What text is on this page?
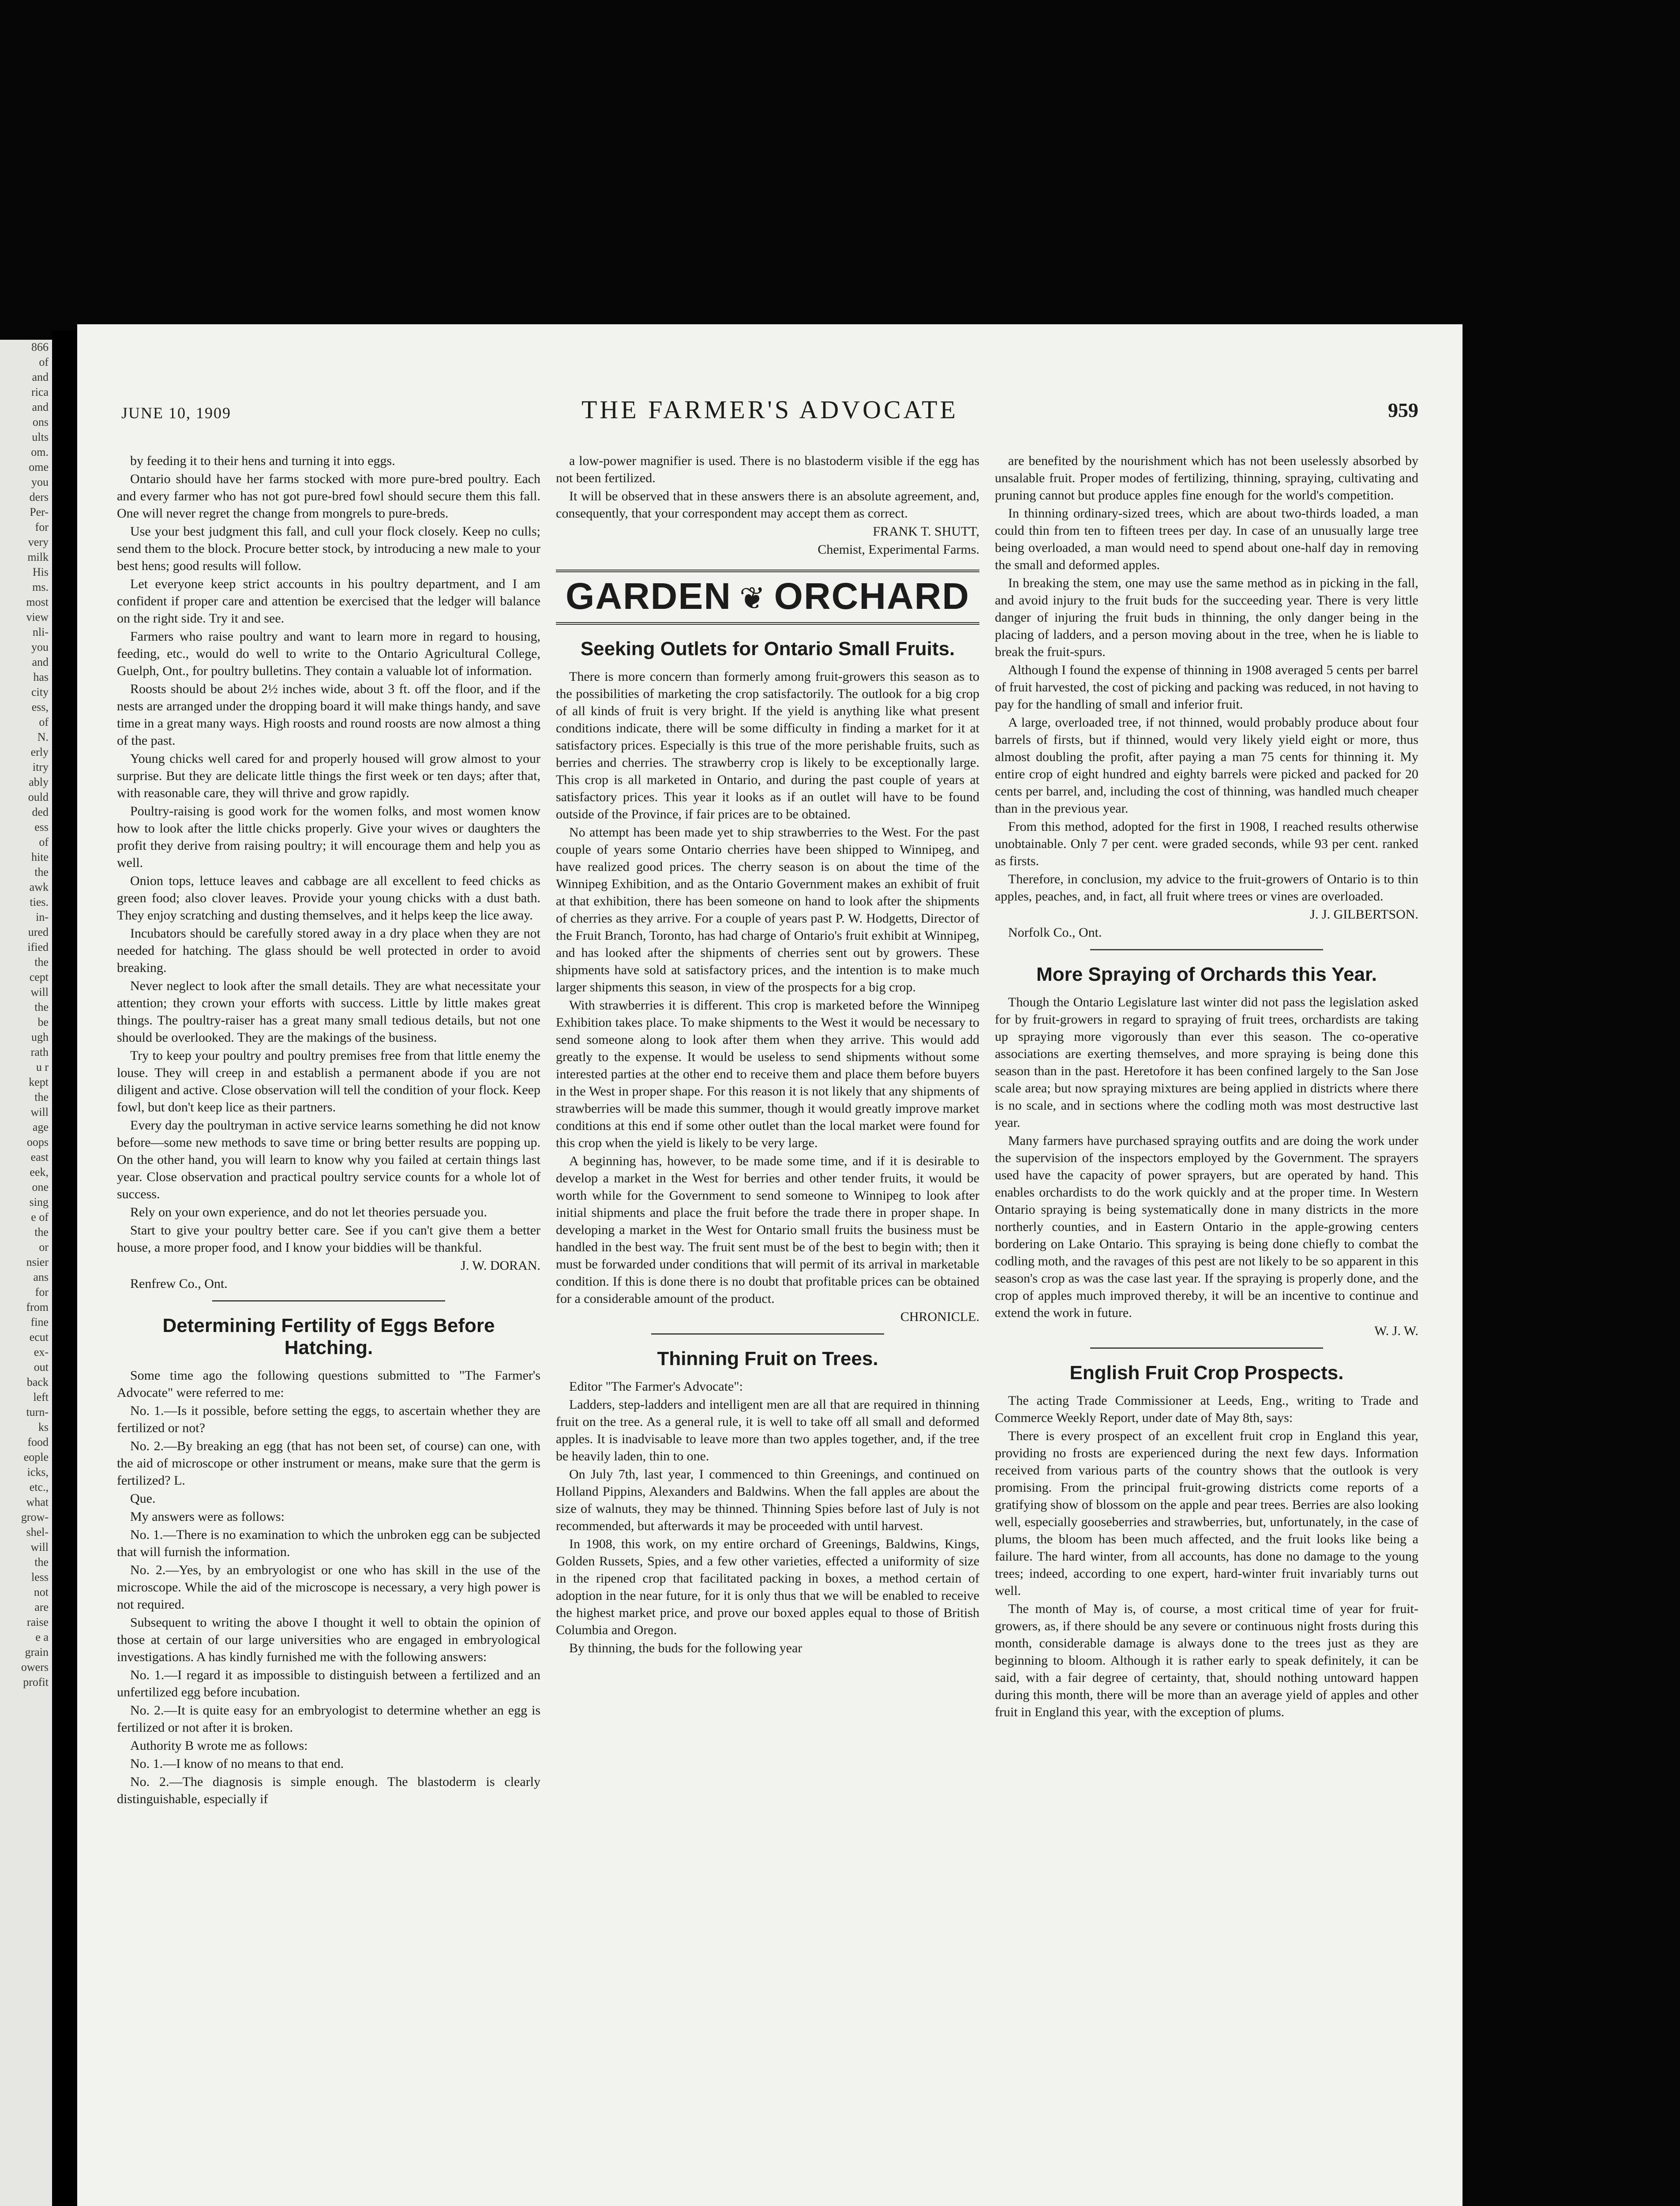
866

of

and

rica

and

ons

ults

om.

ome

you

ders

Per-

for

very

milk

His

ms.

most

view

nli-

you

and

has

city

ess,

of

N.

erly

itry

ably

ould

ded

ess

of

hite

the

awk

ties.

in-

ured

ified

the

cept

will

the

be

ugh

rath

u r

kept

the

will

age

oops

east

eek,

one

sing

e of

the

or

nsier

ans

for

from

fine

ecut

ex-

out

back

left

turn-

ks

food

eople

icks,

etc.,

what

grow-

shel-

will

the

less

not

are

raise

e a

grain

owers

profit

THE FARMER'S ADVOCATE
JUNE 10, 1909	959

by feeding it to their hens and turning it into eggs.

Ontario should have her farms stocked with more pure-bred poultry. Each and every farmer who has not got pure-bred fowl should secure them this fall. One will never regret the change from mongrels to pure-breds.

Use your best judgment this fall, and cull your flock closely. Keep no culls; send them to the block. Procure better stock, by introducing a new male to your best hens; good results will follow.

Let everyone keep strict accounts in his poultry department, and I am confident if proper care and attention be exercised that the ledger will balance on the right side. Try it and see.

Farmers who raise poultry and want to learn more in regard to housing, feeding, etc., would do well to write to the Ontario Agricultural College, Guelph, Ont., for poultry bulletins. They contain a valuable lot of information.

Roosts should be about 2½ inches wide, about 3 ft. off the floor, and if the nests are arranged under the dropping board it will make things handy, and save time in a great many ways. High roosts and round roosts are now almost a thing of the past.

Young chicks well cared for and properly housed will grow almost to your surprise. But they are delicate little things the first week or ten days; after that, with reasonable care, they will thrive and grow rapidly.

Poultry-raising is good work for the women folks, and most women know how to look after the little chicks properly. Give your wives or daughters the profit they derive from raising poultry; it will encourage them and help you as well.

Onion tops, lettuce leaves and cabbage are all excellent to feed chicks as green food; also clover leaves. Provide your young chicks with a dust bath. They enjoy scratching and dusting themselves, and it helps keep the lice away.

Incubators should be carefully stored away in a dry place when they are not needed for hatching. The glass should be well protected in order to avoid breaking.

Never neglect to look after the small details. They are what necessitate your attention; they crown your efforts with success. Little by little makes great things. The poultry-raiser has a great many small tedious details, but not one should be overlooked. They are the makings of the business.

Try to keep your poultry and poultry premises free from that little enemy the louse. They will creep in and establish a permanent abode if you are not diligent and active. Close observation will tell the condition of your flock. Keep fowl, but don't keep lice as their partners.

Every day the poultryman in active service learns something he did not know before—some new methods to save time or bring better results are popping up. On the other hand, you will learn to know why you failed at certain things last year. Close observation and practical poultry service counts for a whole lot of success.

Rely on your own experience, and do not let theories persuade you.

Start to give your poultry better care. See if you can't give them a better house, a more proper food, and I know your biddies will be thankful.

J. W. DORAN.

Renfrew Co., Ont.

Determining Fertility of Eggs Before Hatching.

Some time ago the following questions submitted to "The Farmer's Advocate" were referred to me:

No. 1.—Is it possible, before setting the eggs, to ascertain whether they are fertilized or not?

No. 2.—By breaking an egg (that has not been set, of course) can one, with the aid of microscope or other instrument or means, make sure that the germ is fertilized? L.

Que.

My answers were as follows:

No. 1.—There is no examination to which the unbroken egg can be subjected that will furnish the information.

No. 2.—Yes, by an embryologist or one who has skill in the use of the microscope. While the aid of the microscope is necessary, a very high power is not required.

Subsequent to writing the above I thought it well to obtain the opinion of those at certain of our large universities who are engaged in embryological investigations. A has kindly furnished me with the following answers:

No. 1.—I regard it as impossible to distinguish between a fertilized and an unfertilized egg before incubation.

No. 2.—It is quite easy for an embryologist to determine whether an egg is fertilized or not after it is broken.

Authority B wrote me as follows:

No. 1.—I know of no means to that end.

No. 2.—The diagnosis is simple enough. The blastoderm is clearly distinguishable, especially if

a low-power magnifier is used. There is no blastoderm visible if the egg has not been fertilized.

It will be observed that in these answers there is an absolute agreement, and, consequently, that your correspondent may accept them as correct.

FRANK T. SHUTT,

Chemist, Experimental Farms.

GARDEN ❦ ORCHARD
Seeking Outlets for Ontario Small Fruits.

There is more concern than formerly among fruit-growers this season as to the possibilities of marketing the crop satisfactorily. The outlook for a big crop of all kinds of fruit is very bright. If the yield is anything like what present conditions indicate, there will be some difficulty in finding a market for it at satisfactory prices. Especially is this true of the more perishable fruits, such as berries and cherries. The strawberry crop is likely to be exceptionally large. This crop is all marketed in Ontario, and during the past couple of years at satisfactory prices. This year it looks as if an outlet will have to be found outside of the Province, if fair prices are to be obtained.

No attempt has been made yet to ship strawberries to the West. For the past couple of years some Ontario cherries have been shipped to Winnipeg, and have realized good prices. The cherry season is on about the time of the Winnipeg Exhibition, and as the Ontario Government makes an exhibit of fruit at that exhibition, there has been someone on hand to look after the shipments of cherries as they arrive. For a couple of years past P. W. Hodgetts, Director of the Fruit Branch, Toronto, has had charge of Ontario's fruit exhibit at Winnipeg, and has looked after the shipments of cherries sent out by growers. These shipments have sold at satisfactory prices, and the intention is to make much larger shipments this season, in view of the prospects for a big crop.

With strawberries it is different. This crop is marketed before the Winnipeg Exhibition takes place. To make shipments to the West it would be necessary to send someone along to look after them when they arrive. This would add greatly to the expense. It would be useless to send shipments without some interested parties at the other end to receive them and place them before buyers in the West in proper shape. For this reason it is not likely that any shipments of strawberries will be made this summer, though it would greatly improve market conditions at this end if some other outlet than the local market were found for this crop when the yield is likely to be very large.

A beginning has, however, to be made some time, and if it is desirable to develop a market in the West for berries and other tender fruits, it would be worth while for the Government to send someone to Winnipeg to look after initial shipments and place the fruit before the trade there in proper shape. In developing a market in the West for Ontario small fruits the business must be handled in the best way. The fruit sent must be of the best to begin with; then it must be forwarded under conditions that will permit of its arrival in marketable condition. If this is done there is no doubt that profitable prices can be obtained for a considerable amount of the product.

CHRONICLE.

Thinning Fruit on Trees.

Editor "The Farmer's Advocate":

Ladders, step-ladders and intelligent men are all that are required in thinning fruit on the tree. As a general rule, it is well to take off all small and deformed apples. It is inadvisable to leave more than two apples together, and, if the tree be heavily laden, thin to one.

On July 7th, last year, I commenced to thin Greenings, and continued on Holland Pippins, Alexanders and Baldwins. When the fall apples are about the size of walnuts, they may be thinned. Thinning Spies before last of July is not recommended, but afterwards it may be proceeded with until harvest.

In 1908, this work, on my entire orchard of Greenings, Baldwins, Kings, Golden Russets, Spies, and a few other varieties, effected a uniformity of size in the ripened crop that facilitated packing in boxes, a method certain of adoption in the near future, for it is only thus that we will be enabled to receive the highest market price, and prove our boxed apples equal to those of British Columbia and Oregon.

By thinning, the buds for the following year

are benefited by the nourishment which has not been uselessly absorbed by unsalable fruit. Proper modes of fertilizing, thinning, spraying, cultivating and pruning cannot but produce apples fine enough for the world's competition.

In thinning ordinary-sized trees, which are about two-thirds loaded, a man could thin from ten to fifteen trees per day. In case of an unusually large tree being overloaded, a man would need to spend about one-half day in removing the small and deformed apples.

In breaking the stem, one may use the same method as in picking in the fall, and avoid injury to the fruit buds for the succeeding year. There is very little danger of injuring the fruit buds in thinning, the only danger being in the placing of ladders, and a person moving about in the tree, when he is liable to break the fruit-spurs.

Although I found the expense of thinning in 1908 averaged 5 cents per barrel of fruit harvested, the cost of picking and packing was reduced, in not having to pay for the handling of small and inferior fruit.

A large, overloaded tree, if not thinned, would probably produce about four barrels of firsts, but if thinned, would very likely yield eight or more, thus almost doubling the profit, after paying a man 75 cents for thinning it. My entire crop of eight hundred and eighty barrels were picked and packed for 20 cents per barrel, and, including the cost of thinning, was handled much cheaper than in the previous year.

From this method, adopted for the first in 1908, I reached results otherwise unobtainable. Only 7 per cent. were graded seconds, while 93 per cent. ranked as firsts.

Therefore, in conclusion, my advice to the fruit-growers of Ontario is to thin apples, peaches, and, in fact, all fruit where trees or vines are overloaded.

J. J. GILBERTSON.

Norfolk Co., Ont.

More Spraying of Orchards this Year.

Though the Ontario Legislature last winter did not pass the legislation asked for by fruit-growers in regard to spraying of fruit trees, orchardists are taking up spraying more vigorously than ever this season. The co-operative associations are exerting themselves, and more spraying is being done this season than in the past. Heretofore it has been confined largely to the San Jose scale area; but now spraying mixtures are being applied in districts where there is no scale, and in sections where the codling moth was most destructive last year.

Many farmers have purchased spraying outfits and are doing the work under the supervision of the inspectors employed by the Government. The sprayers used have the capacity of power sprayers, but are operated by hand. This enables orchardists to do the work quickly and at the proper time. In Western Ontario spraying is being systematically done in many districts in the more northerly counties, and in Eastern Ontario in the apple-growing centers bordering on Lake Ontario. This spraying is being done chiefly to combat the codling moth, and the ravages of this pest are not likely to be so apparent in this season's crop as was the case last year. If the spraying is properly done, and the crop of apples much improved thereby, it will be an incentive to continue and extend the work in future.

W. J. W.

English Fruit Crop Prospects.

The acting Trade Commissioner at Leeds, Eng., writing to Trade and Commerce Weekly Report, under date of May 8th, says:

There is every prospect of an excellent fruit crop in England this year, providing no frosts are experienced during the next few days. Information received from various parts of the country shows that the outlook is very promising. From the principal fruit-growing districts come reports of a gratifying show of blossom on the apple and pear trees. Berries are also looking well, especially gooseberries and strawberries, but, unfortunately, in the case of plums, the bloom has been much affected, and the fruit looks like being a failure. The hard winter, from all accounts, has done no damage to the young trees; indeed, according to one expert, hard-winter fruit invariably turns out well.

The month of May is, of course, a most critical time of year for fruit-growers, as, if there should be any severe or continuous night frosts during this month, considerable damage is always done to the trees just as they are beginning to bloom. Although it is rather early to speak definitely, it can be said, with a fair degree of certainty, that, should nothing untoward happen during this month, there will be more than an average yield of apples and other fruit in England this year, with the exception of plums.
